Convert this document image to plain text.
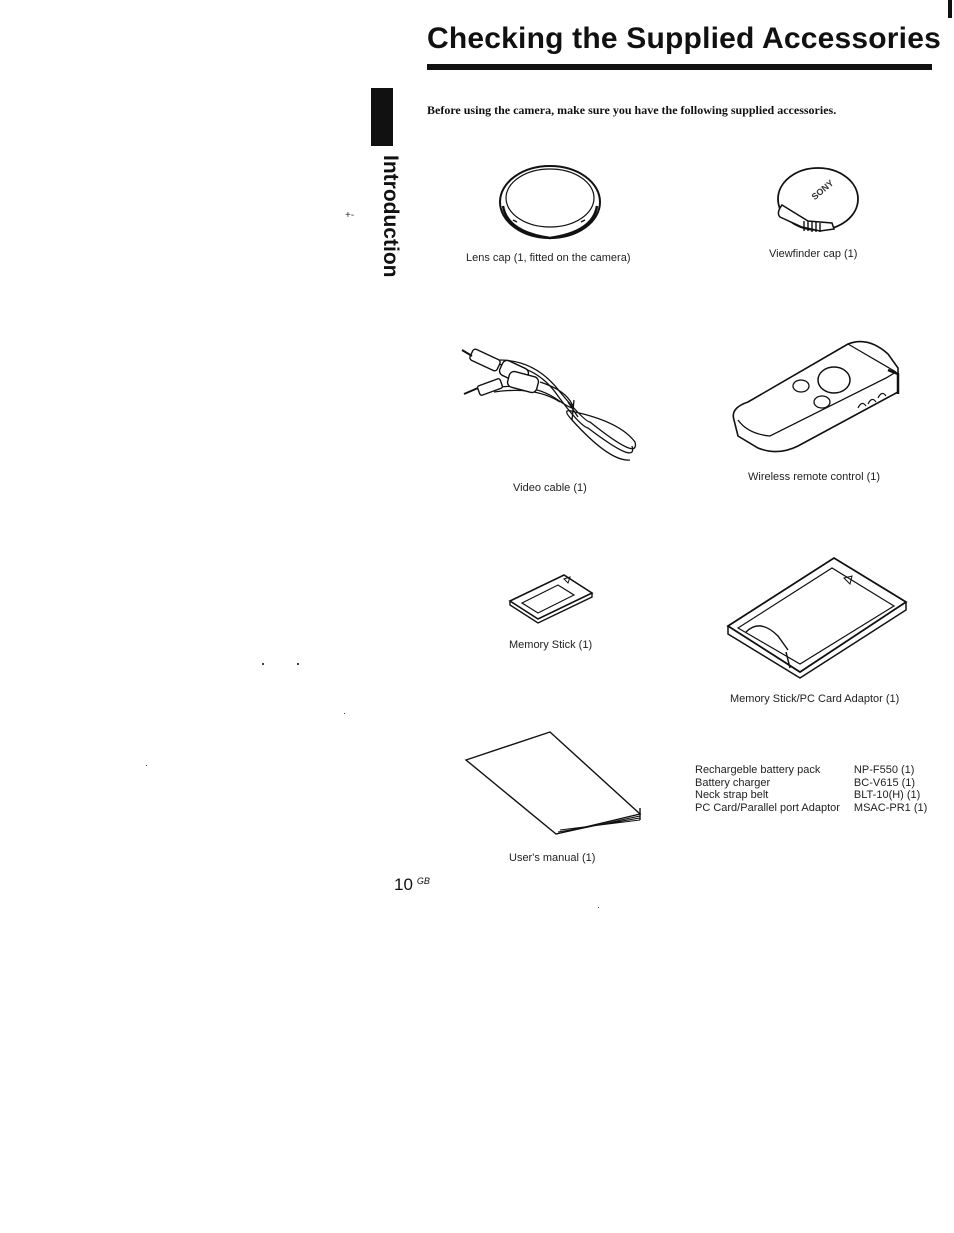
Checking the Supplied Accessories
Introduction
+-
Before using the camera, make sure you have the following supplied accessories.
Lens cap (1, fitted on the camera)
SONY
Viewfinder cap (1)
Video cable (1)
Wireless remote control (1)
Memory Stick (1)
Memory Stick/PC Card Adaptor (1)
User's manual (1)
Rechargeble battery pack	NP-F550 (1)
Battery charger	BC-V615 (1)
Neck strap belt	BLT-10(H) (1)
PC Card/Parallel port Adaptor	MSAC-PR1 (1)
10 $^{GB}$
